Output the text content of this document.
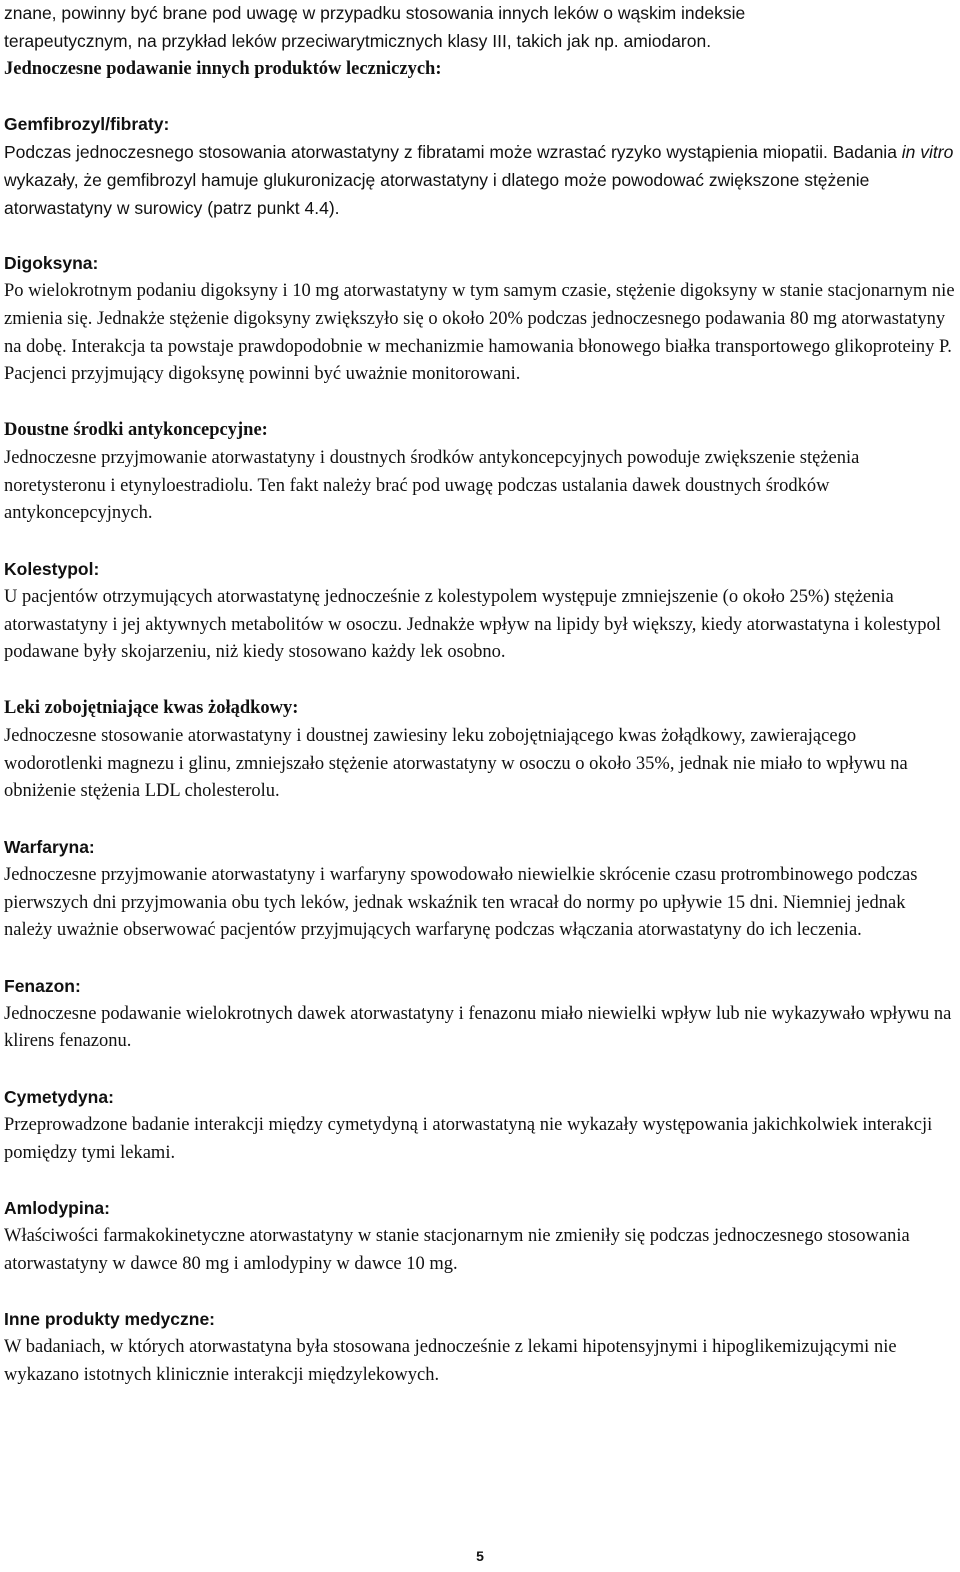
znane, powinny być brane pod uwagę w przypadku stosowania innych leków o wąskim indeksie
terapeutycznym, na przykład leków przeciwarytmicznych klasy III, takich jak np. amiodaron.

Jednoczesne podawanie innych produktów leczniczych:
Gemfibrozyl/fibraty:

Podczas jednoczesnego stosowania atorwastatyny z fibratami może wzrastać ryzyko wystąpienia miopatii. Badania in vitro wykazały, że gemfibrozyl hamuje glukuronizację atorwastatyny i dlatego może powodować zwiększone stężenie atorwastatyny w surowicy (patrz punkt 4.4).

Digoksyna:

Po wielokrotnym podaniu digoksyny i 10 mg atorwastatyny w tym samym czasie, stężenie digoksyny w stanie stacjonarnym nie zmienia się. Jednakże stężenie digoksyny zwiększyło się o około 20% podczas jednoczesnego podawania 80 mg atorwastatyny na dobę. Interakcja ta powstaje prawdopodobnie w mechanizmie hamowania błonowego białka transportowego glikoproteiny P. Pacjenci przyjmujący digoksynę powinni być uważnie monitorowani.

Doustne środki antykoncepcyjne:

Jednoczesne przyjmowanie atorwastatyny i doustnych środków antykoncepcyjnych powoduje zwiększenie stężenia noretysteronu i etynyloestradiolu. Ten fakt należy brać pod uwagę podczas ustalania dawek doustnych środków antykoncepcyjnych.

Kolestypol:

U pacjentów otrzymujących atorwastatynę jednocześnie z kolestypolem występuje zmniejszenie (o około 25%) stężenia atorwastatyny i jej aktywnych metabolitów w osoczu. Jednakże wpływ na lipidy był większy, kiedy atorwastatyna i kolestypol podawane były skojarzeniu, niż kiedy stosowano każdy lek osobno.

Leki zobojętniające kwas żołądkowy:

Jednoczesne stosowanie atorwastatyny i doustnej zawiesiny leku zobojętniającego kwas żołądkowy, zawierającego wodorotlenki magnezu i glinu, zmniejszało stężenie atorwastatyny w osoczu o około 35%, jednak nie miało to wpływu na obniżenie stężenia LDL cholesterolu.

Warfaryna:

Jednoczesne przyjmowanie atorwastatyny i warfaryny spowodowało niewielkie skrócenie czasu protrombinowego podczas pierwszych dni przyjmowania obu tych leków, jednak wskaźnik ten wracał do normy po upływie 15 dni. Niemniej jednak należy uważnie obserwować pacjentów przyjmujących warfarynę podczas włączania atorwastatyny do ich leczenia.

Fenazon:

Jednoczesne podawanie wielokrotnych dawek atorwastatyny i fenazonu miało niewielki wpływ lub nie wykazywało wpływu na klirens fenazonu.

Cymetydyna:

Przeprowadzone badanie interakcji między cymetydyną i atorwastatyną nie wykazały występowania jakichkolwiek interakcji pomiędzy tymi lekami.

Amlodypina:

Właściwości farmakokinetyczne atorwastatyny w stanie stacjonarnym nie zmieniły się podczas jednoczesnego stosowania atorwastatyny w dawce 80 mg i amlodypiny w dawce 10 mg.

Inne produkty medyczne:

W badaniach, w których atorwastatyna była stosowana jednocześnie z lekami hipotensyjnymi i hipoglikemizującymi nie wykazano istotnych klinicznie interakcji międzylekowych.

5
